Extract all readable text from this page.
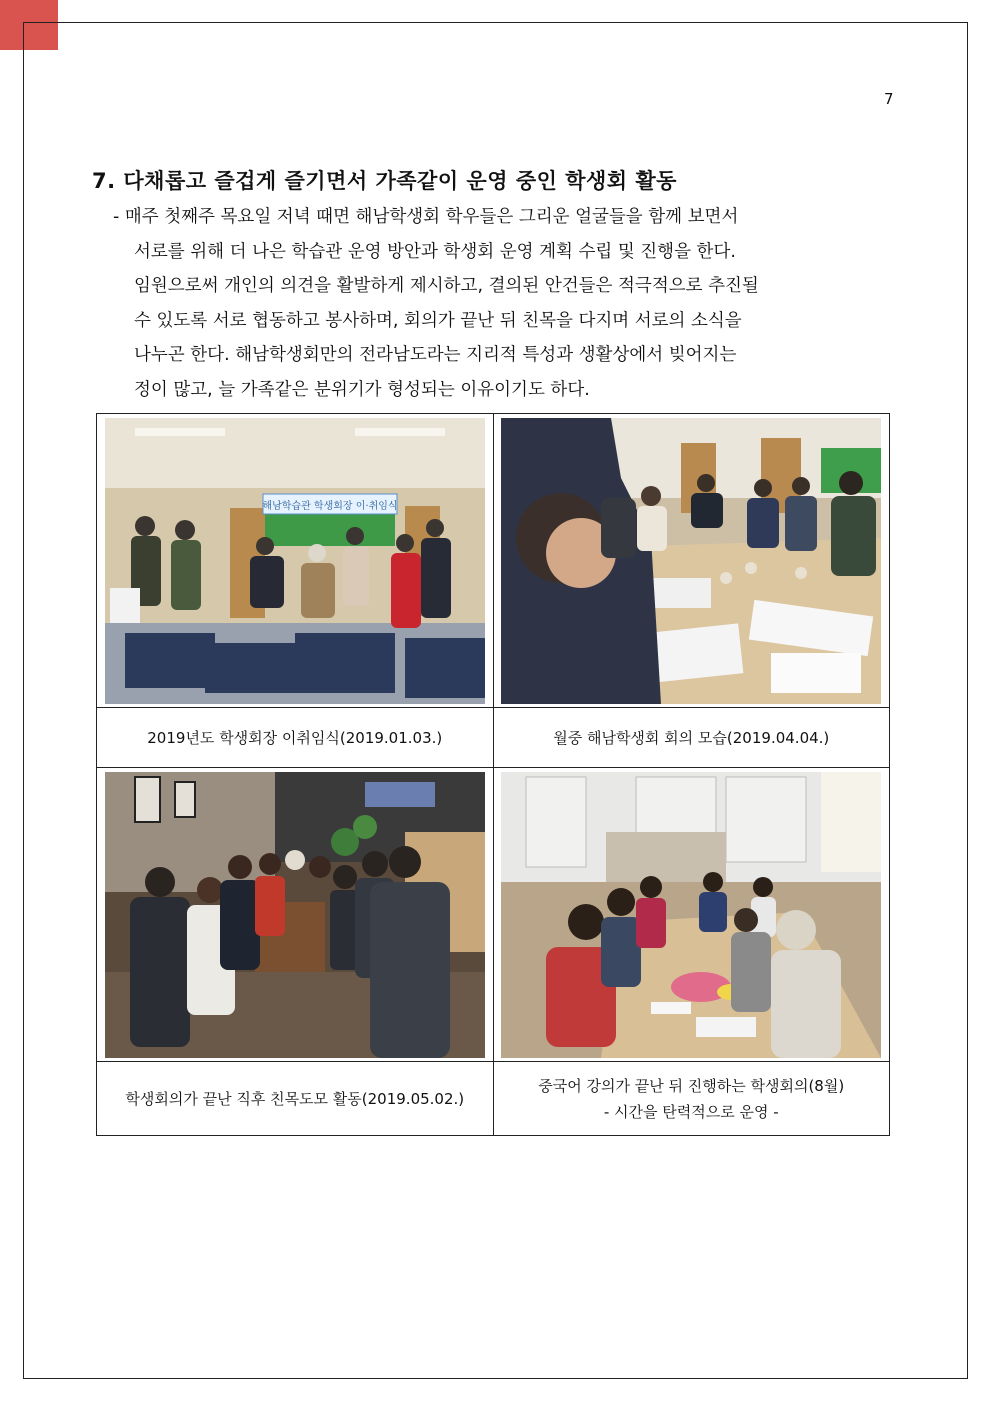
7
7. 다채롭고 즐겁게 즐기면서 가족같이 운영 중인 학생회 활동
- 매주 첫째주 목요일 저녁 때면 해남학생회 학우들은 그리운 얼굴들을 함께 보면서
서로를 위해 더 나은 학습관 운영 방안과 학생회 운영 계획 수립 및 진행을 한다.
임원으로써 개인의 의견을 활발하게 제시하고, 결의된 안건들은 적극적으로 추진될
수 있도록 서로 협동하고 봉사하며, 회의가 끝난 뒤 친목을 다지며 서로의 소식을
나누곤 한다. 해남학생회만의 전라남도라는 지리적 특성과 생활상에서 빚어지는
정이 많고, 늘 가족같은 분위기가 형성되는 이유이기도 하다.
해남학습관 학생회장 이·취임식

2019년도 학생회장 이취임식(2019.01.03.)	월중 해남학생회 회의 모습(2019.04.04.)

학생회의가 끝난 직후 친목도모 활동(2019.05.02.)	중국어 강의가 끝난 뒤 진행하는 학생회의(8월)
- 시간을 탄력적으로 운영 -
